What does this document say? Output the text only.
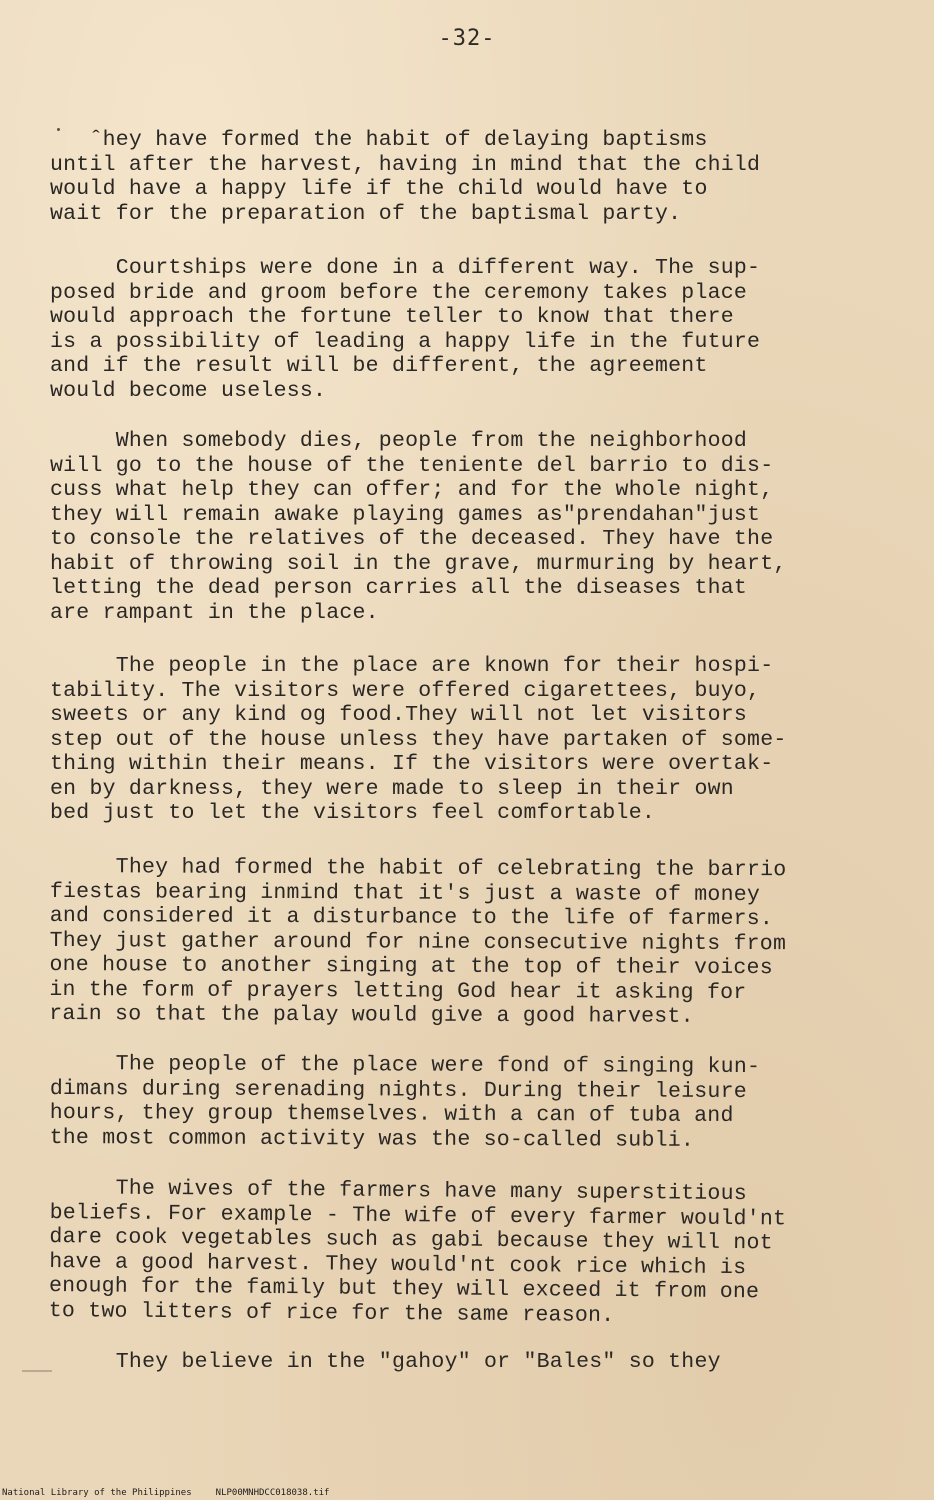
-32-

ˆhey have formed the habit of delaying baptisms
until after the harvest, having in mind that the child
would have a happy life if the child would have to
wait for the preparation of the baptismal party.

Courtships were done in a different way. The sup-
posed bride and groom before the ceremony takes place
would approach the fortune teller to know that there
is a possibility of leading a happy life in the future
and if the result will be different, the agreement
would become useless.

When somebody dies, people from the neighborhood
will go to the house of the teniente del barrio to dis-
cuss what help they can offer; and for the whole night,
they will remain awake playing games as"prendahan"just
to console the relatives of the deceased. They have the
habit of throwing soil in the grave, murmuring by heart,
letting the dead person carries all the diseases that
are rampant in the place.

The people in the place are known for their hospi-
tability. The visitors were offered cigarettees, buyo,
sweets or any kind og food.They will not let visitors
step out of the house unless they have partaken of some-
thing within their means. If the visitors were overtak-
en by darkness, they were made to sleep in their own
bed just to let the visitors feel comfortable.

They had formed the habit of celebrating the barrio
fiestas bearing inmind that it's just a waste of money
and considered it a disturbance to the life of farmers.
They just gather around for nine consecutive nights from
one house to another singing at the top of their voices
in the form of prayers letting God hear it asking for
rain so that the palay would give a good harvest.

The people of the place were fond of singing kun-
dimans during serenading nights. During their leisure
hours, they group themselves. with a can of tuba and
the most common activity was the so-called subli.

The wives of the farmers have many superstitious
beliefs. For example - The wife of every farmer would'nt
dare cook vegetables such as gabi because they will not
have a good harvest. They would'nt cook rice which is
enough for the family but they will exceed it from one
to two litters of rice for the same reason.

They believe in the "gahoy" or "Bales" so they

National Library of the Philippines	NLP00MNHDCC018038.tif
